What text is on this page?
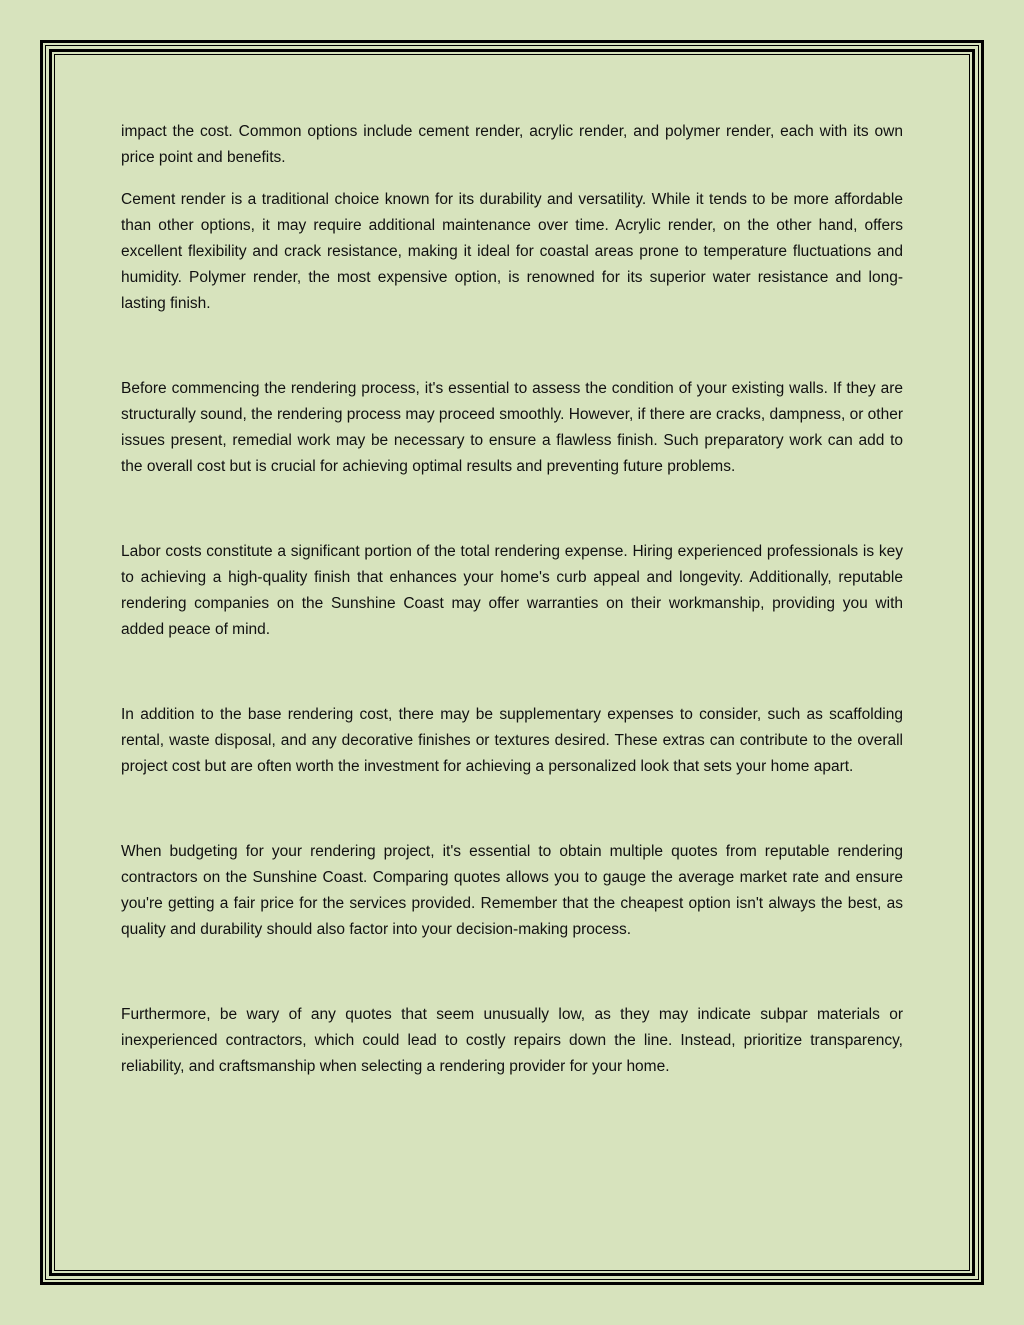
impact the cost. Common options include cement render, acrylic render, and polymer render, each with its own price point and benefits.

Cement render is a traditional choice known for its durability and versatility. While it tends to be more affordable than other options, it may require additional maintenance over time. Acrylic render, on the other hand, offers excellent flexibility and crack resistance, making it ideal for coastal areas prone to temperature fluctuations and humidity. Polymer render, the most expensive option, is renowned for its superior water resistance and long-lasting finish.

Before commencing the rendering process, it's essential to assess the condition of your existing walls. If they are structurally sound, the rendering process may proceed smoothly. However, if there are cracks, dampness, or other issues present, remedial work may be necessary to ensure a flawless finish. Such preparatory work can add to the overall cost but is crucial for achieving optimal results and preventing future problems.

Labor costs constitute a significant portion of the total rendering expense. Hiring experienced professionals is key to achieving a high-quality finish that enhances your home's curb appeal and longevity. Additionally, reputable rendering companies on the Sunshine Coast may offer warranties on their workmanship, providing you with added peace of mind.

In addition to the base rendering cost, there may be supplementary expenses to consider, such as scaffolding rental, waste disposal, and any decorative finishes or textures desired. These extras can contribute to the overall project cost but are often worth the investment for achieving a personalized look that sets your home apart.

When budgeting for your rendering project, it's essential to obtain multiple quotes from reputable rendering contractors on the Sunshine Coast. Comparing quotes allows you to gauge the average market rate and ensure you're getting a fair price for the services provided. Remember that the cheapest option isn't always the best, as quality and durability should also factor into your decision-making process.

Furthermore, be wary of any quotes that seem unusually low, as they may indicate subpar materials or inexperienced contractors, which could lead to costly repairs down the line. Instead, prioritize transparency, reliability, and craftsmanship when selecting a rendering provider for your home.
